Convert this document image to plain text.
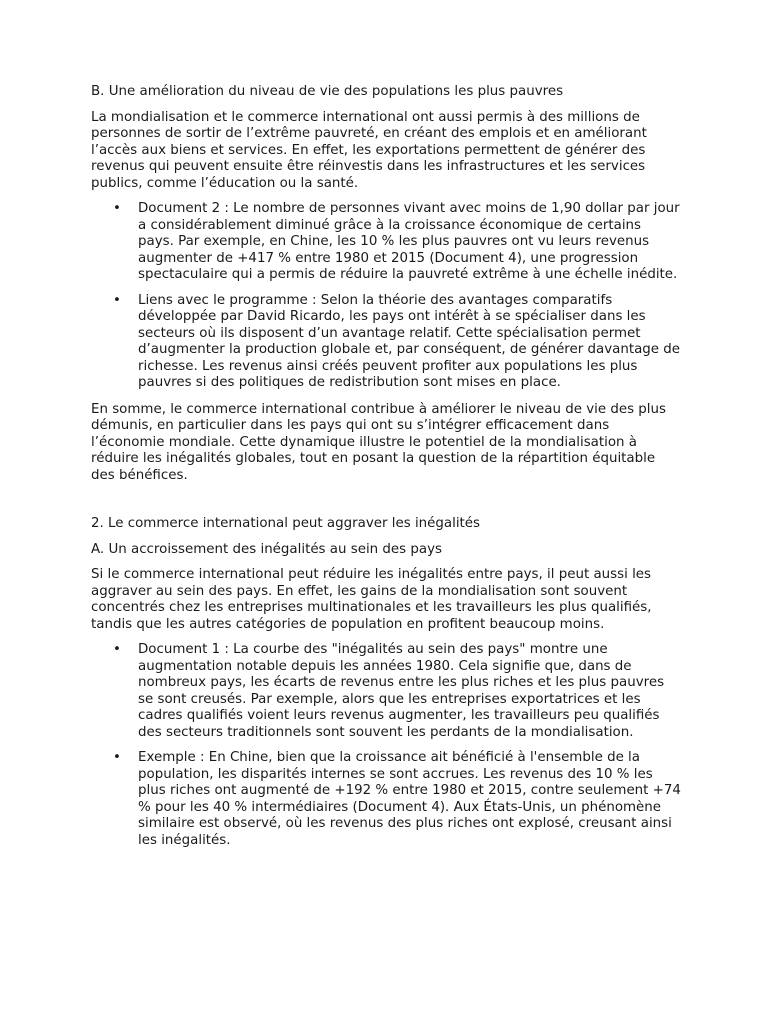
B. Une amélioration du niveau de vie des populations les plus pauvres

La mondialisation et le commerce international ont aussi permis à des millions de personnes de sortir de l’extrême pauvreté, en créant des emplois et en améliorant l’accès aux biens et services. En effet, les exportations permettent de générer des revenus qui peuvent ensuite être réinvestis dans les infrastructures et les services publics, comme l’éducation ou la santé.

• Document 2 : Le nombre de personnes vivant avec moins de 1,90 dollar par jour a considérablement diminué grâce à la croissance économique de certains pays. Par exemple, en Chine, les 10 % les plus pauvres ont vu leurs revenus augmenter de +417 % entre 1980 et 2015 (Document 4), une progression spectaculaire qui a permis de réduire la pauvreté extrême à une échelle inédite.
• Liens avec le programme : Selon la théorie des avantages comparatifs développée par David Ricardo, les pays ont intérêt à se spécialiser dans les secteurs où ils disposent d’un avantage relatif. Cette spécialisation permet d’augmenter la production globale et, par conséquent, de générer davantage de richesse. Les revenus ainsi créés peuvent profiter aux populations les plus pauvres si des politiques de redistribution sont mises en place.

En somme, le commerce international contribue à améliorer le niveau de vie des plus démunis, en particulier dans les pays qui ont su s’intégrer efficacement dans l’économie mondiale. Cette dynamique illustre le potentiel de la mondialisation à réduire les inégalités globales, tout en posant la question de la répartition équitable des bénéfices.

2. Le commerce international peut aggraver les inégalités

A. Un accroissement des inégalités au sein des pays

Si le commerce international peut réduire les inégalités entre pays, il peut aussi les aggraver au sein des pays. En effet, les gains de la mondialisation sont souvent concentrés chez les entreprises multinationales et les travailleurs les plus qualifiés, tandis que les autres catégories de population en profitent beaucoup moins.

• Document 1 : La courbe des "inégalités au sein des pays" montre une augmentation notable depuis les années 1980. Cela signifie que, dans de nombreux pays, les écarts de revenus entre les plus riches et les plus pauvres se sont creusés. Par exemple, alors que les entreprises exportatrices et les cadres qualifiés voient leurs revenus augmenter, les travailleurs peu qualifiés des secteurs traditionnels sont souvent les perdants de la mondialisation.
• Exemple : En Chine, bien que la croissance ait bénéficié à l'ensemble de la population, les disparités internes se sont accrues. Les revenus des 10 % les plus riches ont augmenté de +192 % entre 1980 et 2015, contre seulement +74 % pour les 40 % intermédiaires (Document 4). Aux États-Unis, un phénomène similaire est observé, où les revenus des plus riches ont explosé, creusant ainsi les inégalités.
